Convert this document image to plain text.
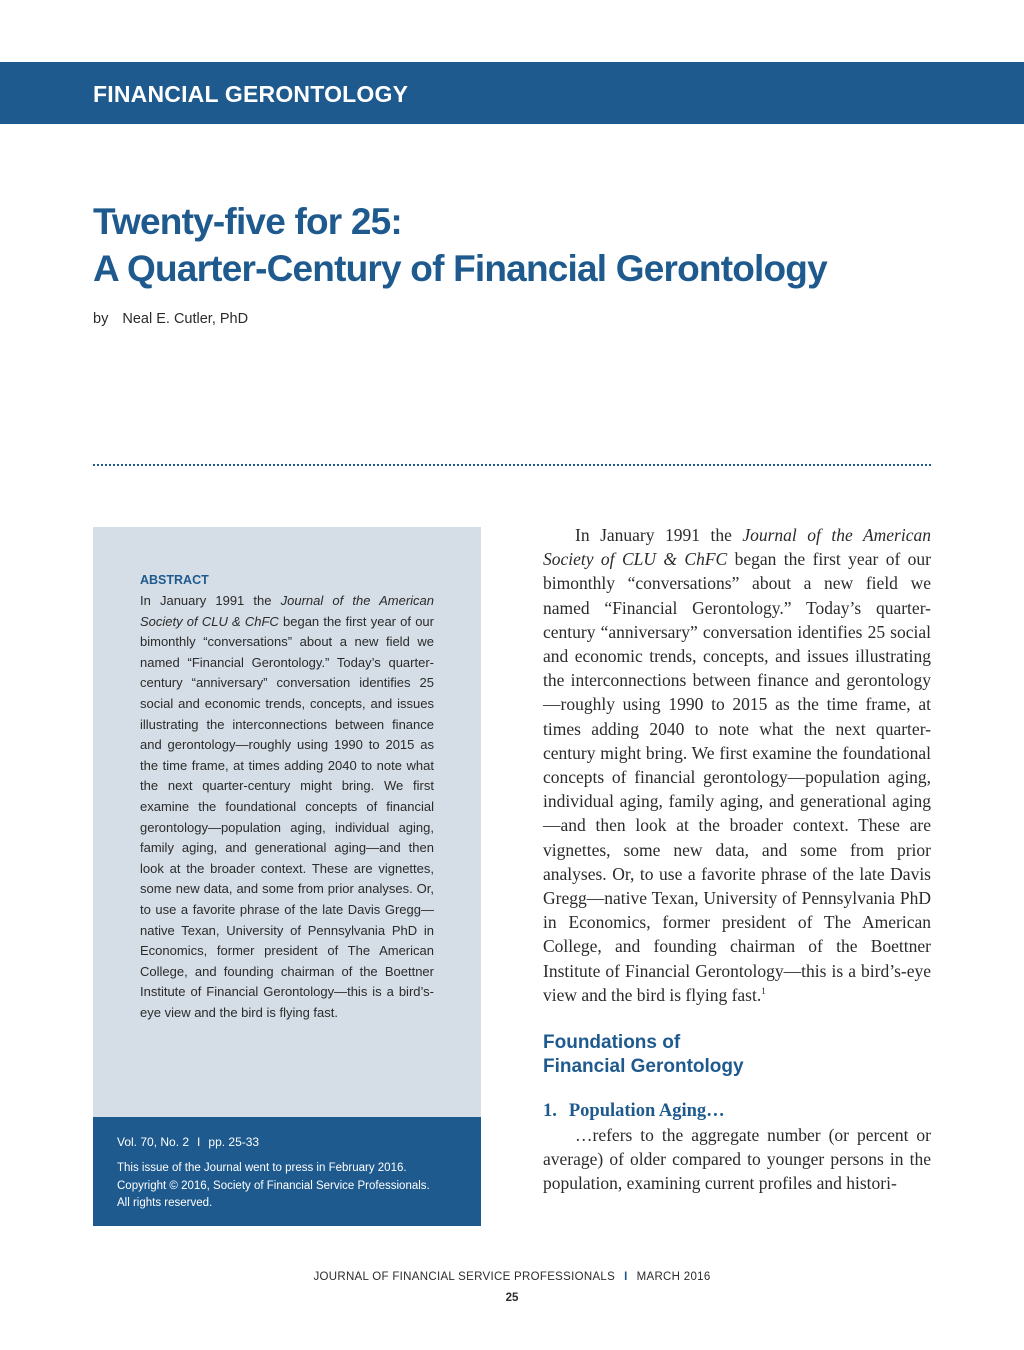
FINANCIAL GERONTOLOGY
Twenty-five for 25:
A Quarter-Century of Financial Gerontology
by Neal E. Cutler, PhD
ABSTRACT

In January 1991 the Journal of the American Society of CLU & ChFC began the first year of our bimonthly “conversations” about a new field we named “Financial Gerontology.” Today’s quarter-century “anniversary” conversation identifies 25 social and economic trends, concepts, and issues illustrating the interconnections between finance and gerontology—roughly using 1990 to 2015 as the time frame, at times adding 2040 to note what the next quarter-century might bring. We first examine the foundational concepts of financial gerontology—population aging, individual aging, family aging, and generational aging—and then look at the broader context. These are vignettes, some new data, and some from prior analyses. Or, to use a favorite phrase of the late Davis Gregg—native Texan, University of Pennsylvania PhD in Economics, former president of The American College, and founding chairman of the Boettner Institute of Financial Gerontology—this is a bird’s-eye view and the bird is flying fast.

Vol. 70, No. 2 I pp. 25-33

This issue of the Journal went to press in February 2016.
Copyright © 2016, Society of Financial Service Professionals.
All rights reserved.

In January 1991 the Journal of the American Society of CLU & ChFC began the first year of our bimonthly “conversations” about a new field we named “Financial Gerontology.” Today’s quarter-century “anniversary” conversation identifies 25 social and economic trends, concepts, and issues illustrating the interconnections between finance and gerontology—roughly using 1990 to 2015 as the time frame, at times adding 2040 to note what the next quarter-century might bring. We first examine the foundational concepts of financial gerontology—population aging, individual aging, family aging, and generational aging—and then look at the broader context. These are vignettes, some new data, and some from prior analyses. Or, to use a favorite phrase of the late Davis Gregg—native Texan, University of Pennsylvania PhD in Economics, former president of The American College, and founding chairman of the Boettner Institute of Financial Gerontology—this is a bird’s-eye view and the bird is flying fast.$^1$

Foundations of
Financial Gerontology
1. Population Aging…

…refers to the aggregate number (or percent or average) of older compared to younger persons in the population, examining current profiles and histori-

JOURNAL OF FINANCIAL SERVICE PROFESSIONALS I MARCH 2016
25
